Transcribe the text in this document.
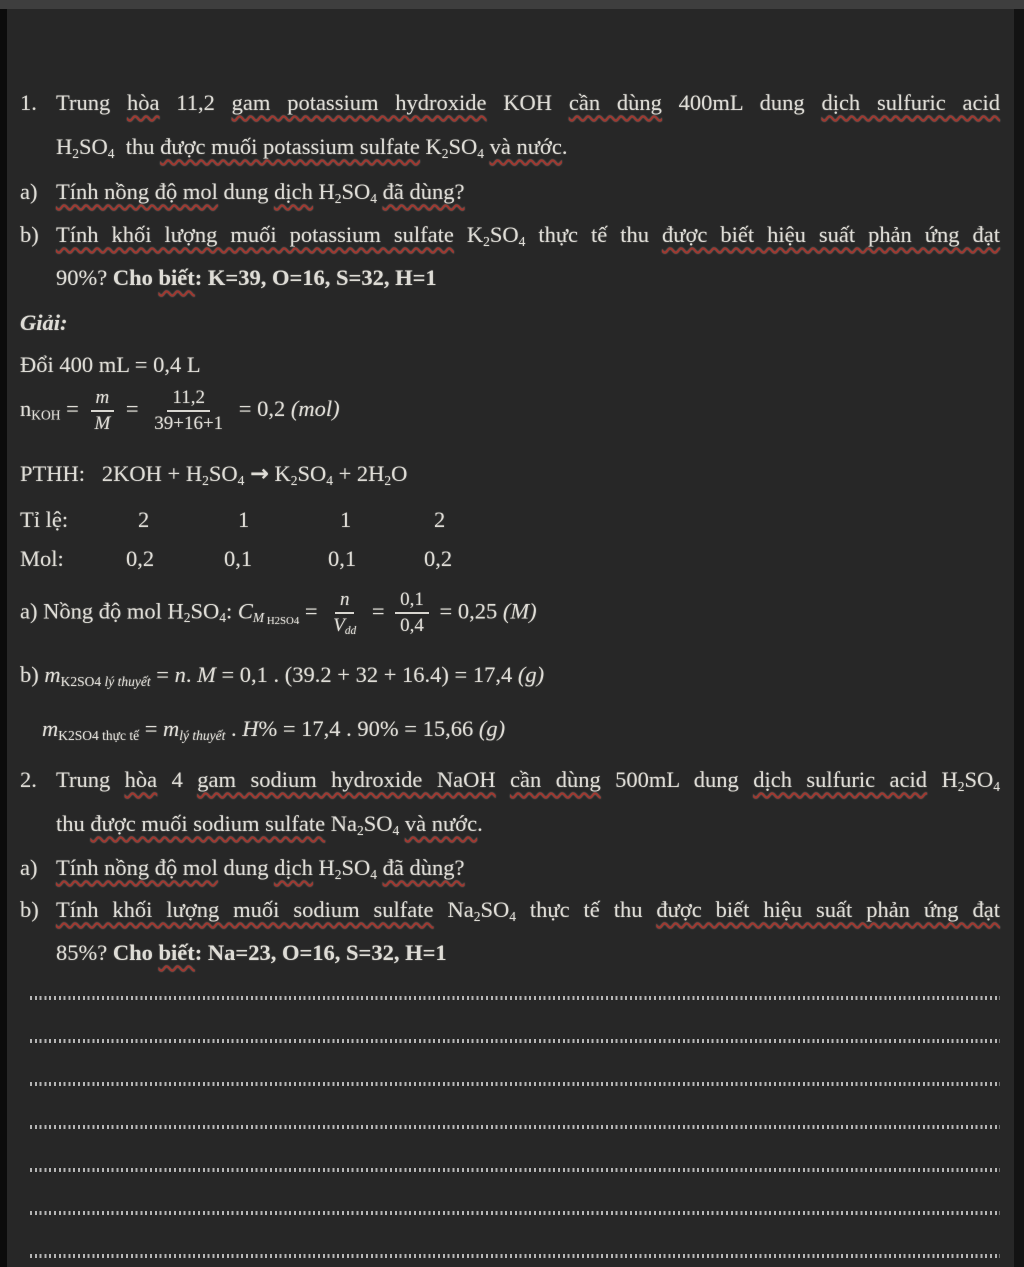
1. Trung hòa 11,2 gam potassium hydroxide KOH cần dùng 400mL dung dịch sulfuric acid
$H_2SO_4$  thu được muối potassium sulfate $K_2SO_4$ và nước.
a) Tính nồng độ mol dung dịch $H_2SO_4$ đã dùng?
b) Tính khối lượng muối potassium sulfate $K_2SO_4$ thực tế thu được biết hiệu suất phản ứng đạt
90%? Cho biết: K=39, O=16, S=32, H=1
Giải:
Đổi 400 mL = 0,4 L
$n_{KOH} = \frac{m}{M} = \frac{11,2}{39+16+1} = 0,2$ (mol)
PTHH:   $2KOH + H_2SO_4 \to K_2SO_4 + 2H_2O$
Tỉ lệ:	2	1	1	2
Mol:	0,2	0,1	0,1	0,2
a) Nồng độ mol $H_2SO_4$: $C_M$ $_{H2SO4} = \frac{n}{V_{dd}} = \frac{0,1}{0,4} = 0,25$ (M)
b) $m_{K2SO4}$ $_{lý thuyết}$ = n. M = 0,1 . (39.2 + 32 + 16.4) = 17,4 (g)
$m_{K2SO4 thực tế} = m_{lý thuyết}$ . H% = 17,4 . 90% = 15,66 (g)
2. Trung hòa 4 gam sodium hydroxide NaOH cần dùng 500mL dung dịch sulfuric acid $H_2SO_4$
thu được muối sodium sulfate $Na_2SO_4$ và nước.
a) Tính nồng độ mol dung dịch $H_2SO_4$ đã dùng?
b) Tính khối lượng muối sodium sulfate $Na_2SO_4$ thực tế thu được biết hiệu suất phản ứng đạt
85%? Cho biết: Na=23, O=16, S=32, H=1
